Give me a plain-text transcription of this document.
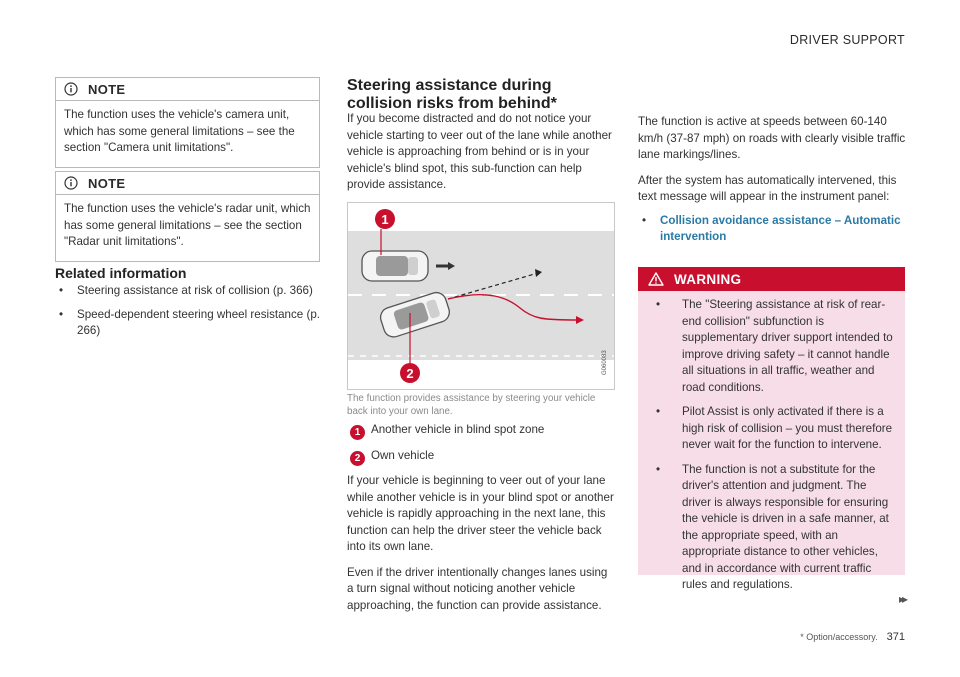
DRIVER SUPPORT
NOTE
The function uses the vehicle's camera unit, which has some general limitations – see the section "Camera unit limitations".
NOTE
The function uses the vehicle's radar unit, which has some general limitations – see the section "Radar unit limitations".
Related information
•	Steering assistance at risk of collision (p. 366)
•	Speed-dependent steering wheel resistance (p. 266)
Steering assistance during collision risks from behind*
If you become distracted and do not notice your vehicle starting to veer out of the lane while another vehicle is approaching from behind or is in your vehicle's blind spot, this sub-function can help provide assistance.
1
2	G060083
The function provides assistance by steering your vehicle back into your own lane.
1 Another vehicle in blind spot zone
2 Own vehicle
If your vehicle is beginning to veer out of your lane while another vehicle is in your blind spot or another vehicle is rapidly approaching in the next lane, this function can help the driver steer the vehicle back into its own lane.
Even if the driver intentionally changes lanes using a turn signal without noticing another vehicle approaching, the function can provide assistance.
The function is active at speeds between 60-140 km/h (37-87 mph) on roads with clearly visible traffic lane markings/lines.
After the system has automatically intervened, this text message will appear in the instrument panel:
•	Collision avoidance assistance – Automatic intervention
WARNING
•	The "Steering assistance at risk of rear-end collision" subfunction is supplementary driver support intended to improve driving safety – it cannot handle all situations in all traffic, weather and road conditions.
•	Pilot Assist is only activated if there is a high risk of collision – you must therefore never wait for the function to intervene.
•	The function is not a substitute for the driver's attention and judgment. The driver is always responsible for ensuring the vehicle is driven in a safe manner, at the appropriate speed, with an appropriate distance to other vehicles, and in accordance with current traffic rules and regulations.
▸▸
* Option/accessory. 371
